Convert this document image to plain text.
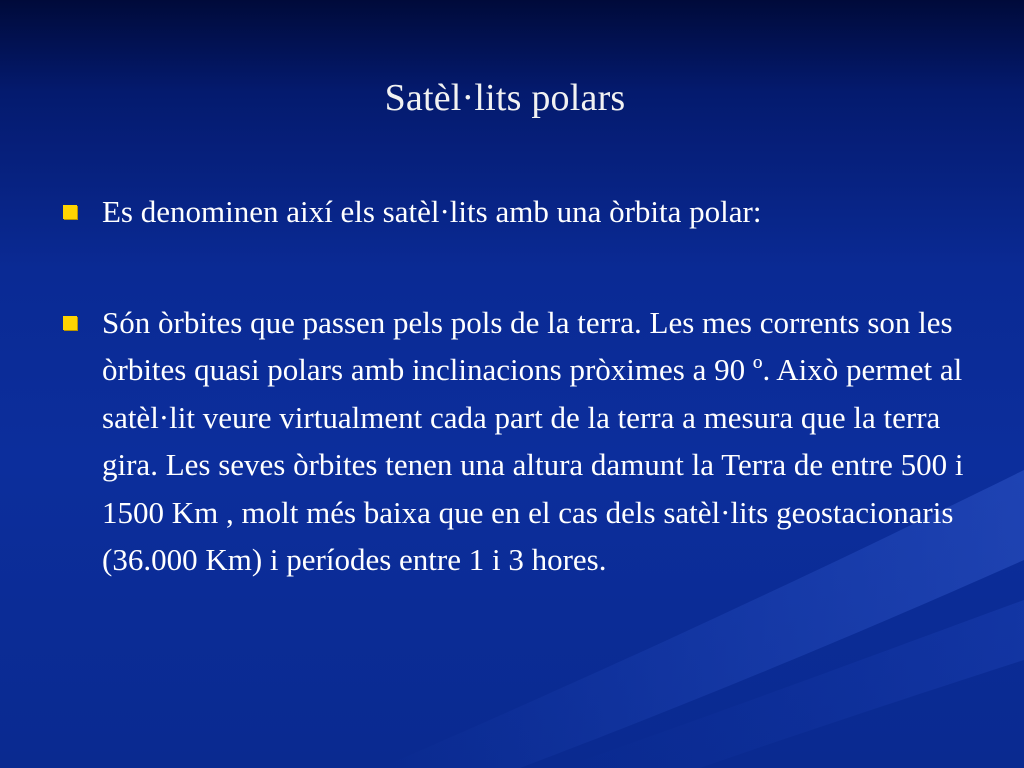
Satèl·lits polars
Es denominen així els satèl·lits amb una òrbita polar:
Són òrbites que passen pels pols de la terra. Les mes corrents son les òrbites quasi polars amb inclinacions pròximes a 90 º. Això permet al satèl·lit veure virtualment cada part de la terra a mesura que la terra gira. Les seves òrbites tenen una altura damunt la Terra de entre 500 i 1500 Km , molt més baixa que en el cas dels satèl·lits geostacionaris (36.000 Km) i períodes entre 1 i 3 hores.
